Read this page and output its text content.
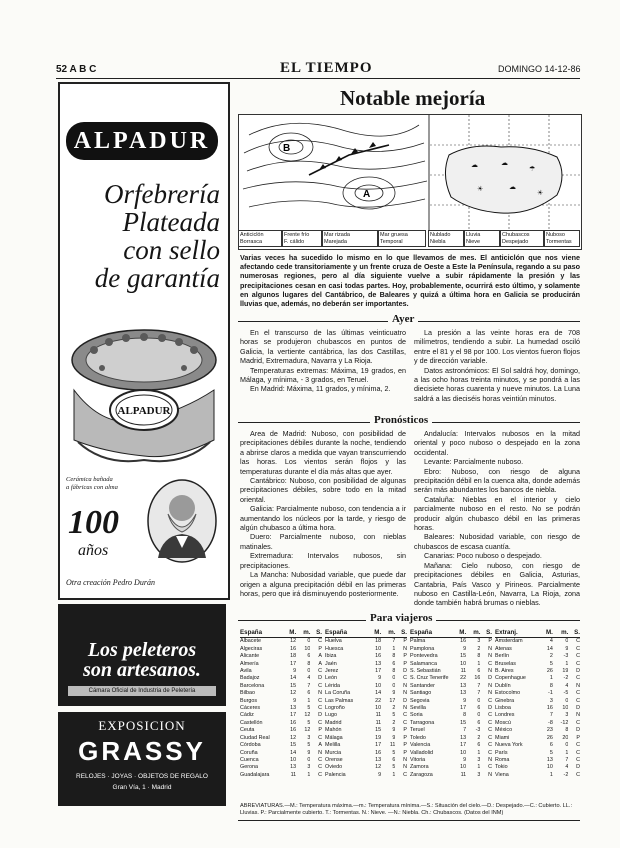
52 A B C	EL TIEMPO	DOMINGO 14-12-86
ALPADUR
Orfebrería
Plateada
con sello
de garantía
ALPADUR
Cerámica bañada
a fábricas con alma
100
años
Otra creación Pedro Durán
Los peleteros
son artesanos.
Cámara Oficial de Industria de Peletería
EXPOSICION
GRASSY
RELOJES · JOYAS · OBJETOS DE REGALO
Gran Vía, 1 · Madrid
Notable mejoría
B
A
☁	☁
☂
☀	☁
☀
Anticiclón
Borrasca
Frente frío
F. cálido
Mar rizada
Marejada
Mar gruesa
Temporal
Nublado
Niebla
Lluvia
Nieve
Chubascos
Despejado
Nuboso
Tormentas
Varias veces ha sucedido lo mismo en lo que llevamos de mes. El anticiclón que nos viene afectando cede transitoriamente y un frente cruza de Oeste a Este la Península, regando a su paso numerosas regiones, pero al día siguiente vuelve a subir rápidamente la presión y las precipitaciones cesan en casi todas partes. Hoy, probablemente, ocurrirá esto último, y solamente en algunos lugares del Cantábrico, de Baleares y quizá a última hora en Galicia se producirán lluvias que, además, no deberán ser importantes.
Ayer

En el transcurso de las últimas veinticuatro horas se produjeron chubascos en puntos de Galicia, la vertiente cantábrica, las dos Castillas, Madrid, Extremadura, Navarra y La Rioja.

Temperaturas extremas: Máxima, 19 grados, en Málaga, y mínima, - 3 grados, en Teruel.

En Madrid: Máxima, 11 grados, y mínima, 2.

La presión a las veinte horas era de 708 milímetros, tendiendo a subir. La humedad osciló entre el 81 y el 98 por 100. Los vientos fueron flojos y de dirección variable.

Datos astronómicos: El Sol saldrá hoy, domingo, a las ocho horas treinta minutos, y se pondrá a las diecisiete horas cuarenta y nueve minutos. La Luna saldrá a las dieciséis horas veintiún minutos.

Pronósticos

Area de Madrid: Nuboso, con posibilidad de precipitaciones débiles durante la noche, tendiendo a abrirse claros a medida que vayan transcurriendo las horas. Los vientos serán flojos y las temperaturas durante el día más altas que ayer.

Cantábrico: Nuboso, con posibilidad de algunas precipitaciones débiles, sobre todo en la mitad oriental.

Galicia: Parcialmente nuboso, con tendencia a ir aumentando los núcleos por la tarde, y riesgo de algún chubasco a última hora.

Duero: Parcialmente nuboso, con nieblas matinales.

Extremadura: Intervalos nubosos, sin precipitaciones.

La Mancha: Nubosidad variable, que puede dar origen a alguna precipitación débil en las primeras horas, pero que irá disminuyendo posteriormente.

Andalucía: Intervalos nubosos en la mitad oriental y poco nuboso o despejado en la zona occidental.

Levante: Parcialmente nuboso.

Ebro: Nuboso, con riesgo de alguna precipitación débil en la cuenca alta, donde además serán más abundantes los bancos de niebla.

Cataluña: Nieblas en el interior y cielo parcialmente nuboso en el resto. No se podrán producir algún chubasco débil en las primeras horas.

Baleares: Nubosidad variable, con riesgo de chubascos de escasa cuantía.

Canarias: Poco nuboso o despejado.

Mañana: Cielo nuboso, con riesgo de precipitaciones débiles en Galicia, Asturias, Cantabria, País Vasco y Pirineos. Parcialmente nuboso en Castilla-León, Navarra, La Rioja, zona donde también habrá brumas o nieblas.

Para viajeros
España	M.	m.	S.
Albacete	12	0	C
Algeciras	16	10	P
Alicante	18	6	A
Almería	17	8	A
Avila	9	0	C
Badajoz	14	4	D
Barcelona	15	7	C
Bilbao	12	6	N
Burgos	9	1	C
Cáceres	13	5	C
Cádiz	17	12	D
Castellón	16	5	C
Ceuta	16	12	P
Ciudad Real	12	3	C
Córdoba	15	5	A
Coruña	14	9	N
Cuenca	10	0	C
Gerona	13	3	C
Guadalajara	11	1	C
España	M.	m.	S.
Huelva	18	7	P
Huesca	10	1	N
Ibiza	16	8	P
Jaén	13	6	P
Jerez	17	8	D
León	9	0	C
Lérida	10	0	N
La Coruña	14	9	N
Las Palmas	22	17	D
Logroño	10	2	N
Lugo	11	5	C
Madrid	11	2	C
Mahón	15	9	P
Málaga	19	9	P
Melilla	17	11	P
Murcia	16	5	P
Orense	13	6	N
Oviedo	12	5	N
Palencia	9	1	C
España	M.	m.	S.
Palma	16	3	P
Pamplona	9	2	N
Pontevedra	15	8	N
Salamanca	10	1	C
S. Sebastián	11	6	N
S. Cruz Tenerife	22	16	D
Santander	13	7	N
Santiago	13	7	N
Segovia	9	0	C
Sevilla	17	6	D
Soria	8	0	C
Tarragona	15	6	C
Teruel	7	-3	C
Toledo	13	2	C
Valencia	17	6	C
Valladolid	10	1	C
Vitoria	9	3	N
Zamora	10	1	C
Zaragoza	11	3	N
Extranj.	M.	m.	S.
Amsterdam	4	0	C
Atenas	14	9	C
Berlín	2	-3	C
Bruselas	5	1	C
B. Aires	26	19	D
Copenhague	1	-2	C
Dublín	8	4	N
Estocolmo	-1	-5	C
Ginebra	3	0	C
Lisboa	16	10	D
Londres	7	3	N
Moscú	-8	-12	C
México	23	8	D
Miami	26	20	P
Nueva York	6	0	C
París	5	1	C
Roma	13	7	C
Tokio	10	4	D
Viena	1	-2	C
ABREVIATURAS.—M.: Temperatura máxima.—m.: Temperatura mínima.—S.: Situación del cielo.—D.: Despejado.—C.: Cubierto. LL.: Lluvias. P.: Parcialmente cubierto. T.: Tormentas. N.: Nieve. —N.: Niebla. Ch.: Chubascos. (Datos del INM)
